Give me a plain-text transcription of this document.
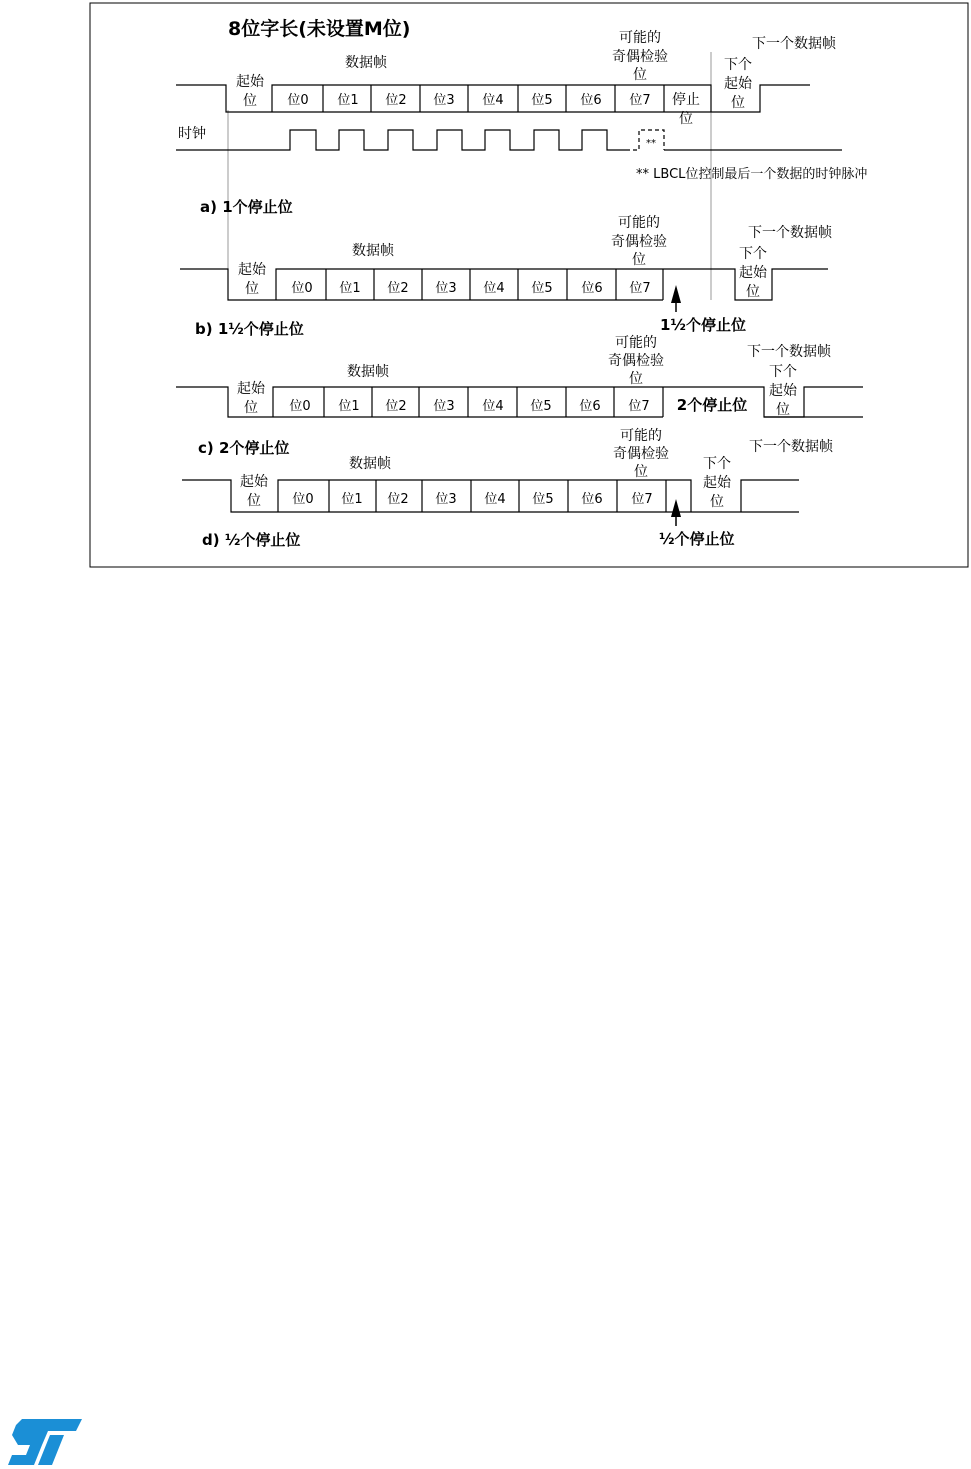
8位字长(未设置M位)
数据帧
可能的
奇偶检验
位
下一个数据帧
下个
起始
位
起始
位 位0 位1 位2 位3 位4 位5 位6 位7 停止
位
时钟
**
** LBCL位控制最后一个数据的时钟脉冲
a) 1个停止位
数据帧
可能的
奇偶检验
位
下一个数据帧
下个
起始
位
起始
位 位0 位1 位2 位3 位4 位5 位6 位7
1½个停止位
b) 1½个停止位
可能的
奇偶检验
位
数据帧
下一个数据帧
下个
起始
位
起始
位 位0 位1 位2 位3 位4 位5 位6 位7 2个停止位
c) 2个停止位
可能的
奇偶检验
位
数据帧
下一个数据帧
下个
起始
位
起始
位 位0 位1 位2 位3 位4 位5 位6 位7
½个停止位
d) ½个停止位
